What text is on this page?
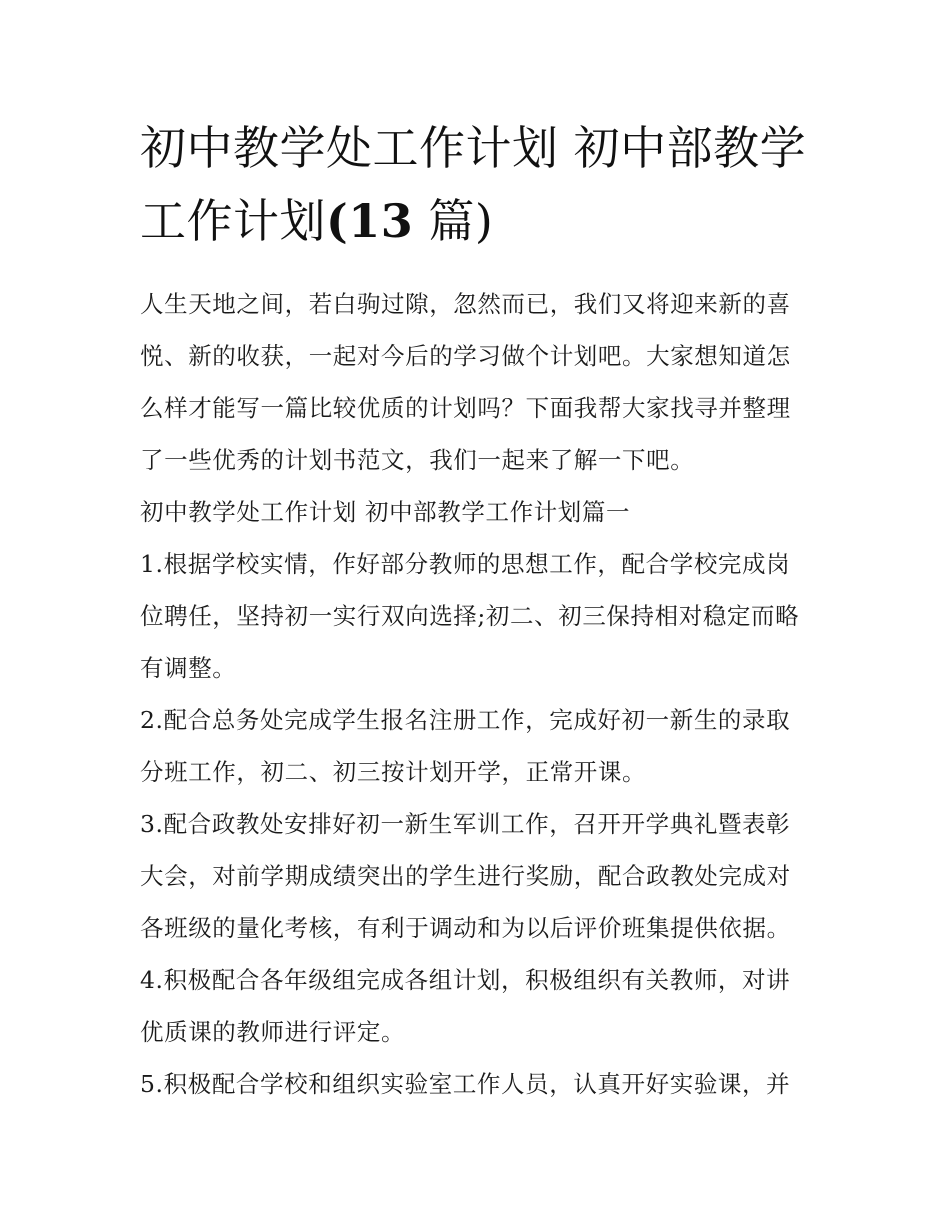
初中教学处工作计划 初中部教学工作计划(13 篇)

人生天地之间，若白驹过隙，忽然而已，我们又将迎来新的喜悦、新的收获，一起对今后的学习做个计划吧。大家想知道怎么样才能写一篇比较优质的计划吗？下面我帮大家找寻并整理了一些优秀的计划书范文，我们一起来了解一下吧。

初中教学处工作计划 初中部教学工作计划篇一

1.根据学校实情，作好部分教师的思想工作，配合学校完成岗位聘任，坚持初一实行双向选择;初二、初三保持相对稳定而略有调整。

2.配合总务处完成学生报名注册工作，完成好初一新生的录取分班工作，初二、初三按计划开学，正常开课。

3.配合政教处安排好初一新生军训工作，召开开学典礼暨表彰大会，对前学期成绩突出的学生进行奖励，配合政教处完成对各班级的量化考核，有利于调动和为以后评价班集提供依据。

4.积极配合各年级组完成各组计划，积极组织有关教师，对讲优质课的教师进行评定。

5.积极配合学校和组织实验室工作人员，认真开好实验课，并
